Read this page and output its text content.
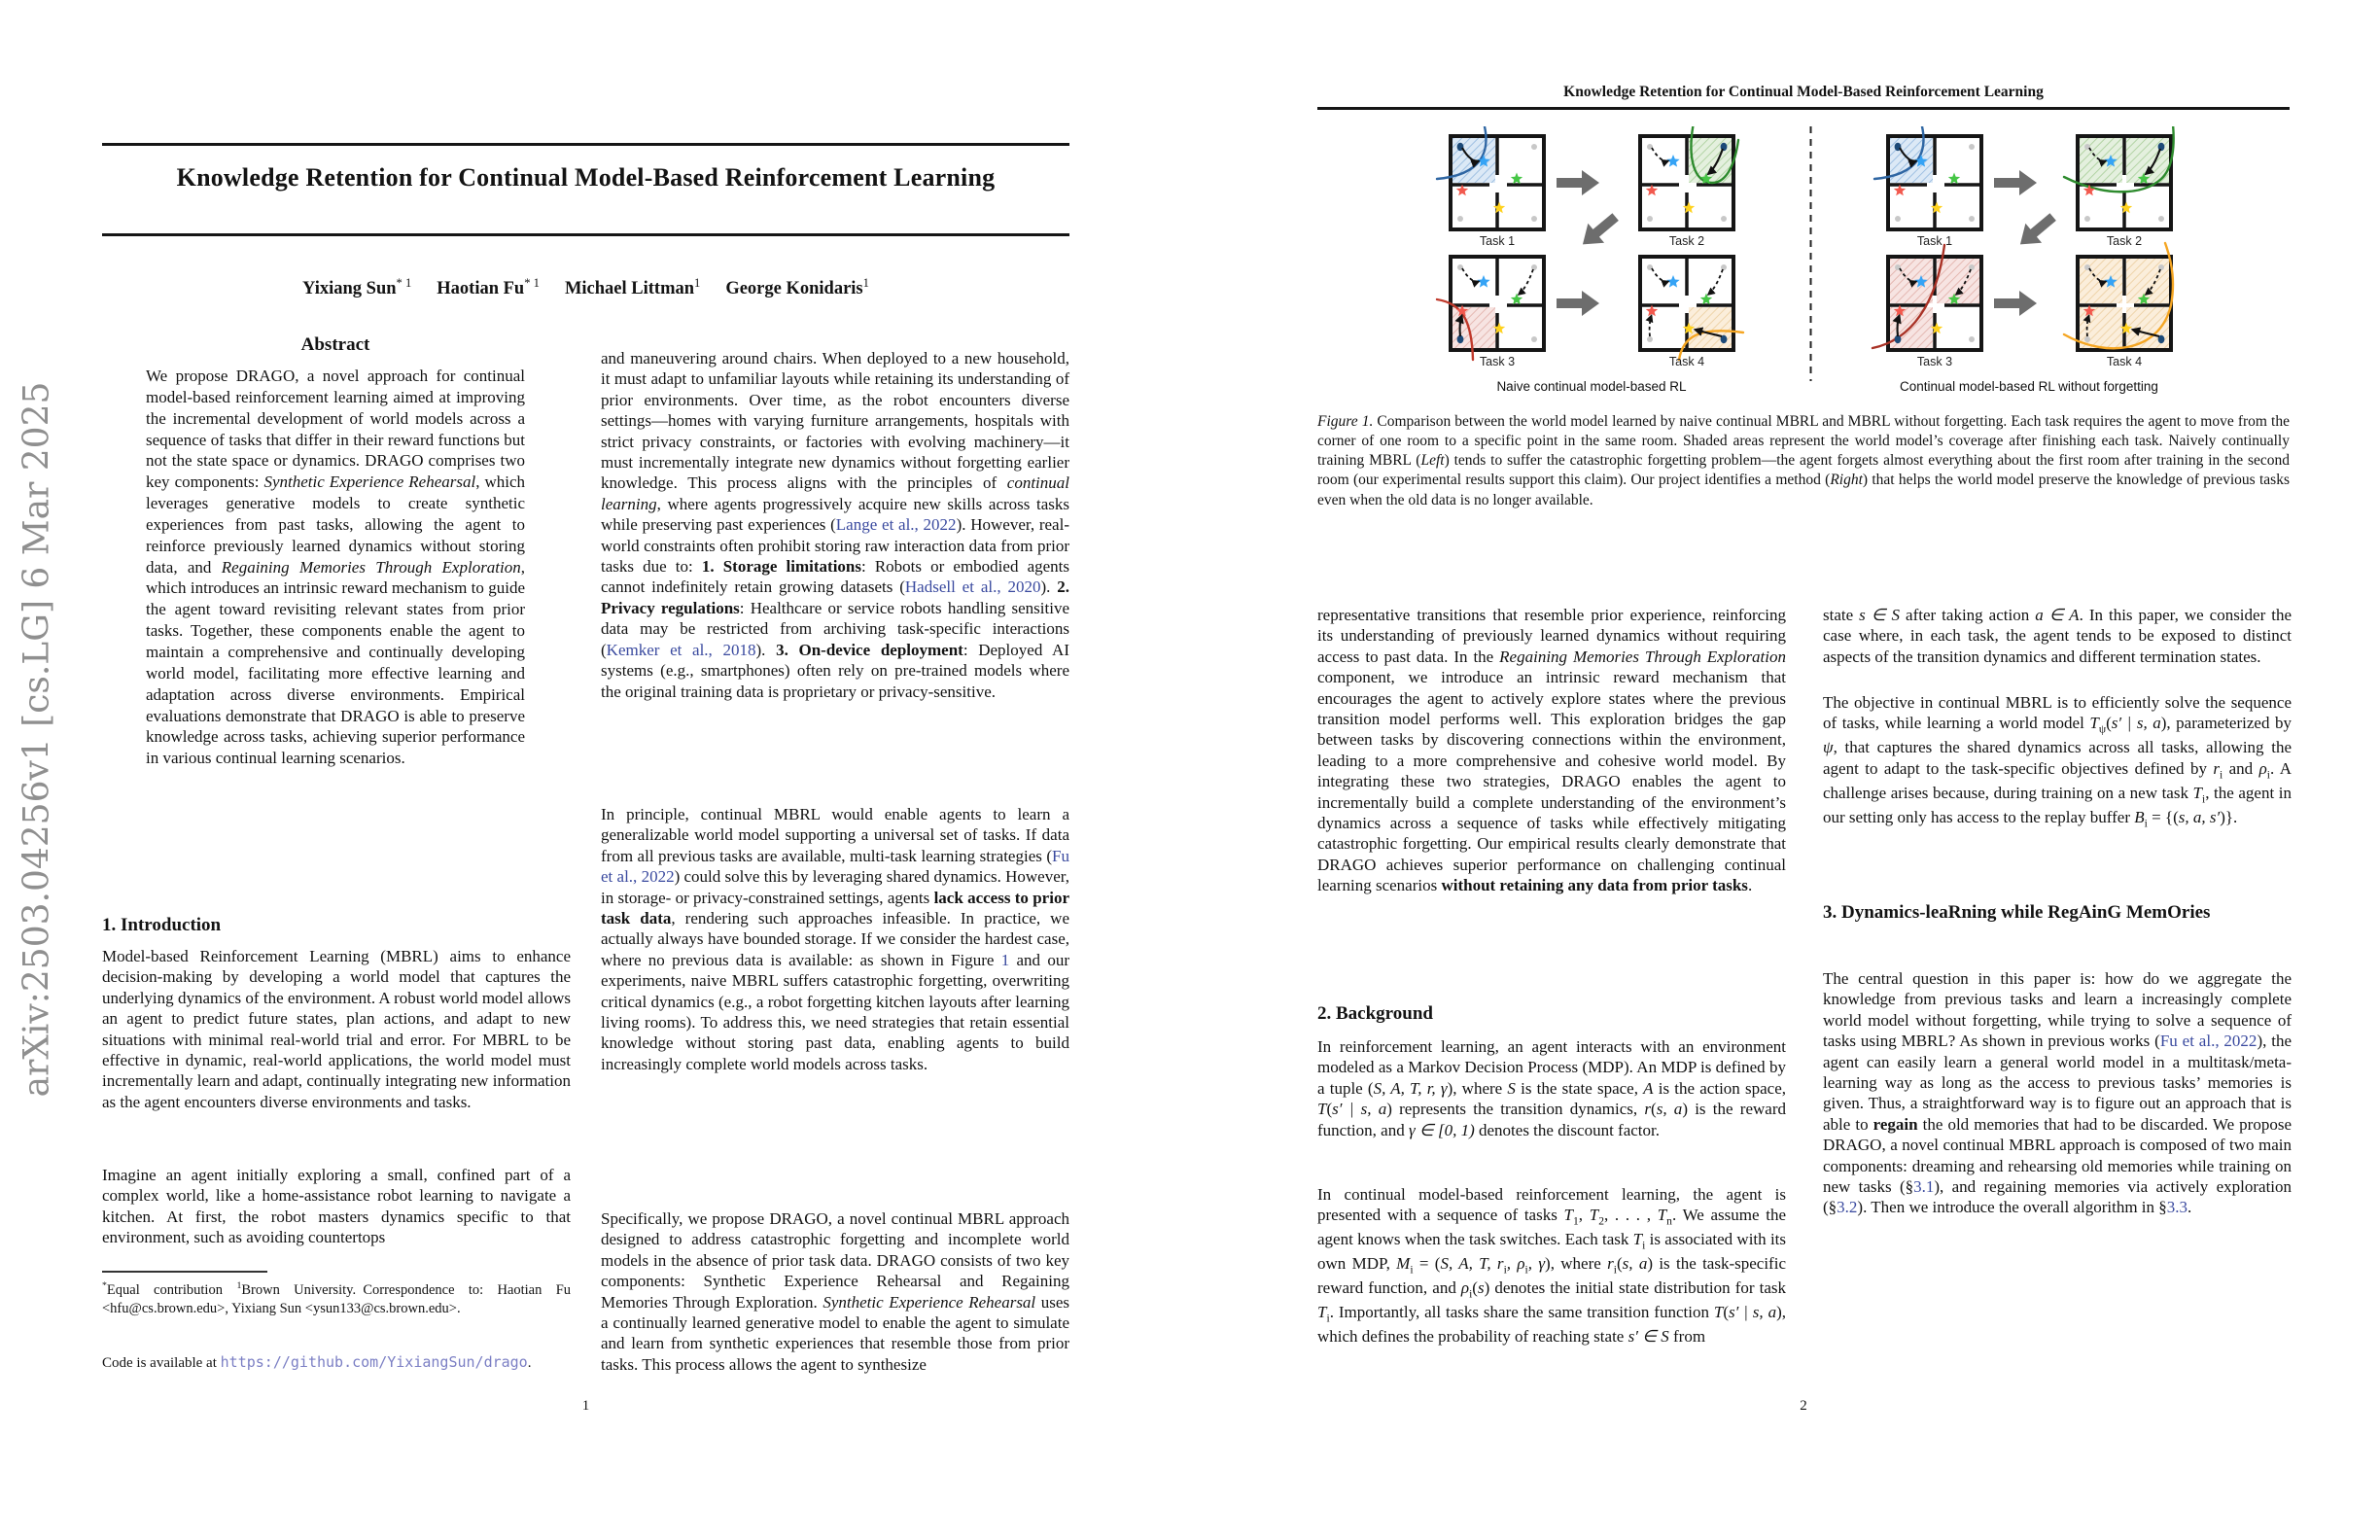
arXiv:2503.04256v1 [cs.LG] 6 Mar 2025
Knowledge Retention for Continual Model-Based Reinforcement Learning
Yixiang Sun$^{* 1}$ Haotian Fu$^{* 1}$ Michael Littman$^1$ George Konidaris$^1$
Abstract
We propose DRAGO, a novel approach for continual model-based reinforcement learning aimed at improving the incremental development of world models across a sequence of tasks that differ in their reward functions but not the state space or dynamics. DRAGO comprises two key components: Synthetic Experience Rehearsal, which leverages generative models to create synthetic experiences from past tasks, allowing the agent to reinforce previously learned dynamics without storing data, and Regaining Memories Through Exploration, which introduces an intrinsic reward mechanism to guide the agent toward revisiting relevant states from prior tasks. Together, these components enable the agent to maintain a comprehensive and continually developing world model, facilitating more effective learning and adaptation across diverse environments. Empirical evaluations demonstrate that DRAGO is able to preserve knowledge across tasks, achieving superior performance in various continual learning scenarios.
1. Introduction
Model-based Reinforcement Learning (MBRL) aims to enhance decision-making by developing a world model that captures the underlying dynamics of the environment. A robust world model allows an agent to predict future states, plan actions, and adapt to new situations with minimal real-world trial and error. For MBRL to be effective in dynamic, real-world applications, the world model must incrementally learn and adapt, continually integrating new information as the agent encounters diverse environments and tasks.
Imagine an agent initially exploring a small, confined part of a complex world, like a home-assistance robot learning to navigate a kitchen. At first, the robot masters dynamics specific to that environment, such as avoiding countertops
*Equal contribution $^1$Brown University. Correspondence to: Haotian Fu <hfu@cs.brown.edu>, Yixiang Sun <ysun133@cs.brown.edu>.
Code is available at https://github.com/YixiangSun/drago.
and maneuvering around chairs. When deployed to a new household, it must adapt to unfamiliar layouts while retaining its understanding of prior environments. Over time, as the robot encounters diverse settings—homes with varying furniture arrangements, hospitals with strict privacy constraints, or factories with evolving machinery—it must incrementally integrate new dynamics without forgetting earlier knowledge. This process aligns with the principles of continual learning, where agents progressively acquire new skills across tasks while preserving past experiences (Lange et al., 2022). However, real-world constraints often prohibit storing raw interaction data from prior tasks due to: 1. Storage limitations: Robots or embodied agents cannot indefinitely retain growing datasets (Hadsell et al., 2020). 2. Privacy regulations: Healthcare or service robots handling sensitive data may be restricted from archiving task-specific interactions (Kemker et al., 2018). 3. On-device deployment: Deployed AI systems (e.g., smartphones) often rely on pre-trained models where the original training data is proprietary or privacy-sensitive.
In principle, continual MBRL would enable agents to learn a generalizable world model supporting a universal set of tasks. If data from all previous tasks are available, multi-task learning strategies (Fu et al., 2022) could solve this by leveraging shared dynamics. However, in storage- or privacy-constrained settings, agents lack access to prior task data, rendering such approaches infeasible. In practice, we actually always have bounded storage. If we consider the hardest case, where no previous data is available: as shown in Figure 1 and our experiments, naive MBRL suffers catastrophic forgetting, overwriting critical dynamics (e.g., a robot forgetting kitchen layouts after learning living rooms). To address this, we need strategies that retain essential knowledge without storing past data, enabling agents to build increasingly complete world models across tasks.
Specifically, we propose DRAGO, a novel continual MBRL approach designed to address catastrophic forgetting and incomplete world models in the absence of prior task data. DRAGO consists of two key components: Synthetic Experience Rehearsal and Regaining Memories Through Exploration. Synthetic Experience Rehearsal uses a continually learned generative model to enable the agent to simulate and learn from synthetic experiences that resemble those from prior tasks. This process allows the agent to synthesize
1
Knowledge Retention for Continual Model-Based Reinforcement Learning
Task 1	Task 2
Task 3	Task 4
Naive continual model-based RL
Task 1	Task 2
Task 3	Task 4
Continual model-based RL without forgetting
Figure 1. Comparison between the world model learned by naive continual MBRL and MBRL without forgetting. Each task requires the agent to move from the corner of one room to a specific point in the same room. Shaded areas represent the world model’s coverage after finishing each task. Naively continually training MBRL (Left) tends to suffer the catastrophic forgetting problem—the agent forgets almost everything about the first room after training in the second room (our experimental results support this claim). Our project identifies a method (Right) that helps the world model preserve the knowledge of previous tasks even when the old data is no longer available.
representative transitions that resemble prior experience, reinforcing its understanding of previously learned dynamics without requiring access to past data. In the Regaining Memories Through Exploration component, we introduce an intrinsic reward mechanism that encourages the agent to actively explore states where the previous transition model performs well. This exploration bridges the gap between tasks by discovering connections within the environment, leading to a more comprehensive and cohesive world model. By integrating these two strategies, DRAGO enables the agent to incrementally build a complete understanding of the environment’s dynamics across a sequence of tasks while effectively mitigating catastrophic forgetting. Our empirical results clearly demonstrate that DRAGO achieves superior performance on challenging continual learning scenarios without retaining any data from prior tasks.
2. Background
In reinforcement learning, an agent interacts with an environment modeled as a Markov Decision Process (MDP). An MDP is defined by a tuple (S, A, T, r, γ), where S is the state space, A is the action space, T(s′ | s, a) represents the transition dynamics, r(s, a) is the reward function, and γ ∈ [0, 1) denotes the discount factor.
In continual model-based reinforcement learning, the agent is presented with a sequence of tasks $T_1$, $T_2$, . . . , $T_n$. We assume the agent knows when the task switches. Each task $T_i$ is associated with its own MDP, $M_i = (S$, A, T, $r_i$, $\rho_i$, γ), where $r_i(s$, a) is the task-specific reward function, and $\rho_i(s)$ denotes the initial state distribution for task $T_i$. Importantly, all tasks share the same transition function T(s′ | s, a), which defines the probability of reaching state s′ ∈ S from
state s ∈ S after taking action a ∈ A. In this paper, we consider the case where, in each task, the agent tends to be exposed to distinct aspects of the transition dynamics and different termination states.
The objective in continual MBRL is to efficiently solve the sequence of tasks, while learning a world model $T_\psi(s'$ | s, a), parameterized by ψ, that captures the shared dynamics across all tasks, allowing the agent to adapt to the task-specific objectives defined by $r_i$ and $\rho_i$. A challenge arises because, during training on a new task $T_i$, the agent in our setting only has access to the replay buffer $B_i = \{(s$, a, s′)}.
3. Dynamics-leaRning while RegAinG MemOries
The central question in this paper is: how do we aggregate the knowledge from previous tasks and learn a increasingly complete world model without forgetting, while trying to solve a sequence of tasks using MBRL? As shown in previous works (Fu et al., 2022), the agent can easily learn a general world model in a multitask/meta-learning way as long as the access to previous tasks’ memories is given. Thus, a straightforward way is to figure out an approach that is able to regain the old memories that had to be discarded. We propose DRAGO, a novel continual MBRL approach is composed of two main components: dreaming and rehearsing old memories while training on new tasks (§3.1), and regaining memories via actively exploration (§3.2). Then we introduce the overall algorithm in §3.3.
2
